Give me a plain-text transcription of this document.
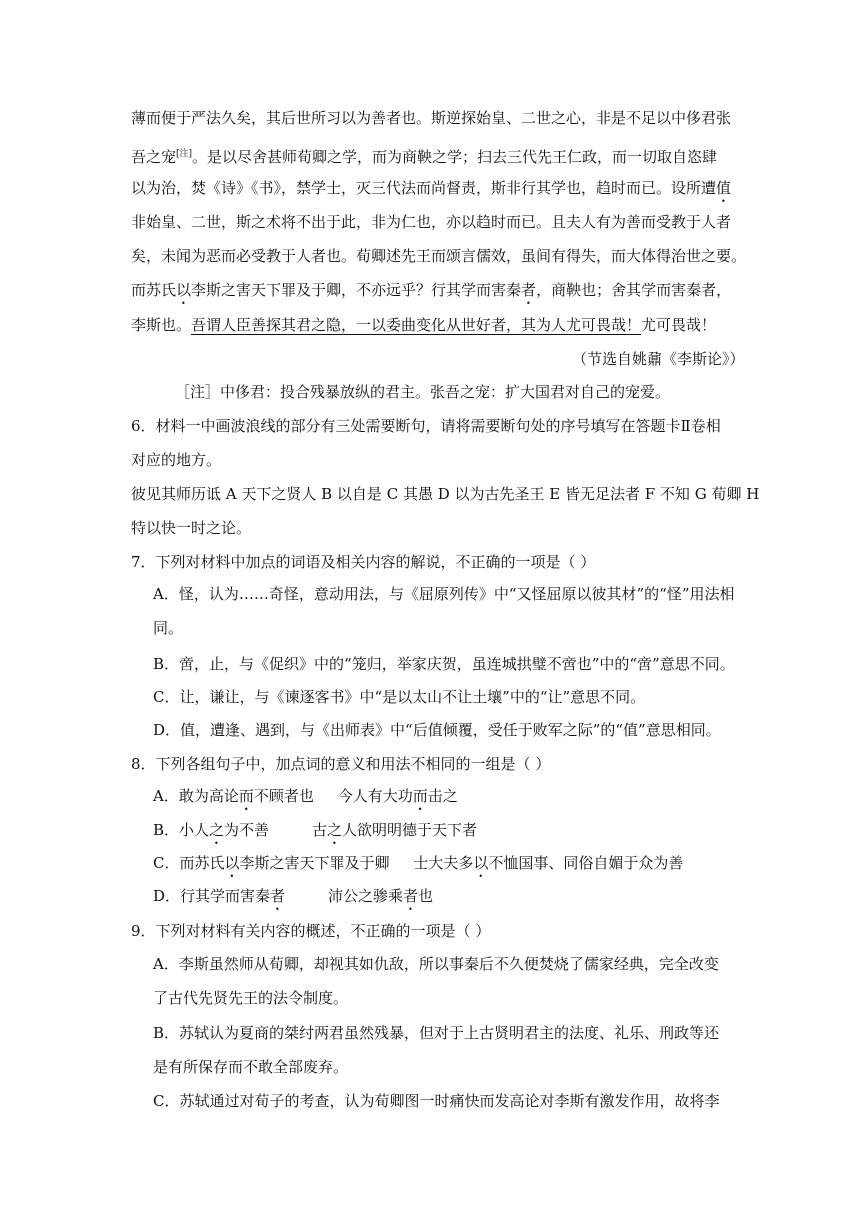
薄而便于严法久矣，其后世所习以为善者也。斯逆探始皇、二世之心，非是不足以中侈君张
吾之宠[注]。是以尽舍甚师荀卿之学，而为商鞅之学；扫去三代先王仁政，而一切取自恣肆
以为治，焚《诗》《书》，禁学士，灭三代法而尚督责，斯非行其学也，趋时而已。设所遭值
非始皇、二世，斯之术将不出于此，非为仁也，亦以趋时而已。且夫人有为善而受教于人者
矣，未闻为恶而必受教于人者也。荀卿述先王而颂言儒效，虽间有得失，而大体得治世之要。
而苏氏以李斯之害天下罪及于卿，不亦远乎？行其学而害秦者，商鞅也；舍其学而害秦者，
李斯也。吾谓人臣善探其君之隐，一以委曲变化从世好者，其为人尤可畏哉！尤可畏哉！
（节选自姚鼐《李斯论》）
［注］中侈君：投合残暴放纵的君主。张吾之宠：扩大国君对自己的宠爱。
6．材料一中画波浪线的部分有三处需要断句，请将需要断句处的序号填写在答题卡Ⅱ卷相
对应的地方。
彼见其师历诋 A 天下之贤人 B 以自是 C 其愚 D 以为古先圣王 E 皆无足法者 F 不知 G 荀卿 H
特以快一时之论。
7．下列对材料中加点的词语及相关内容的解说，不正确的一项是（ ）
A．怪，认为……奇怪，意动用法，与《屈原列传》中“又怪屈原以彼其材”的“怪”用法相
同。
B．啻，止，与《促织》中的“笼归，举家庆贺，虽连城拱璧不啻也”中的“啻”意思不同。
C．让，谦让，与《谏逐客书》中“是以太山不让土壤”中的“让”意思不同。
D．值，遭逢、遇到，与《出师表》中“后值倾覆，受任于败军之际”的“值”意思相同。
8．下列各组句子中，加点词的意义和用法不相同的一组是（ ）
A．敢为高论而不顾者也     今人有大功而击之
B．小人之为不善         古之人欲明明德于天下者
C．而苏氏以李斯之害天下罪及于卿     士大夫多以不恤国事、同俗自媚于众为善
D．行其学而害秦者         沛公之骖乘者也
9．下列对材料有关内容的概述，不正确的一项是（ ）
A．李斯虽然师从荀卿，却视其如仇敌，所以事秦后不久便焚烧了儒家经典，完全改变
了古代先贤先王的法令制度。
B．苏轼认为夏商的桀纣两君虽然残暴，但对于上古贤明君主的法度、礼乐、刑政等还
是有所保存而不敢全部废弃。
C．苏轼通过对荀子的考查，认为荀卿图一时痛快而发高论对李斯有激发作用，故将李
